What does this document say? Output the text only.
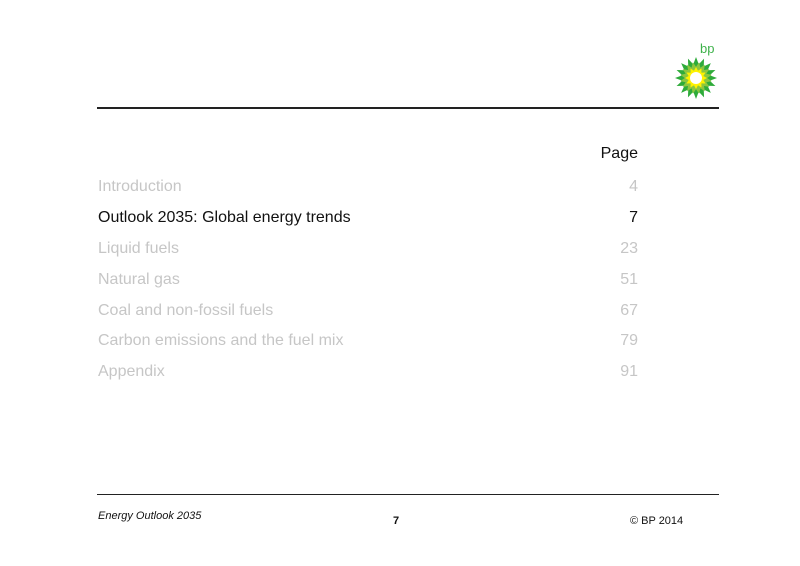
bp
Page
Introduction	4
Outlook 2035: Global energy trends	7
Liquid fuels	23
Natural gas	51
Coal and non-fossil fuels	67
Carbon emissions and the fuel mix	79
Appendix	91
Energy Outlook 2035	7	© BP 2014
